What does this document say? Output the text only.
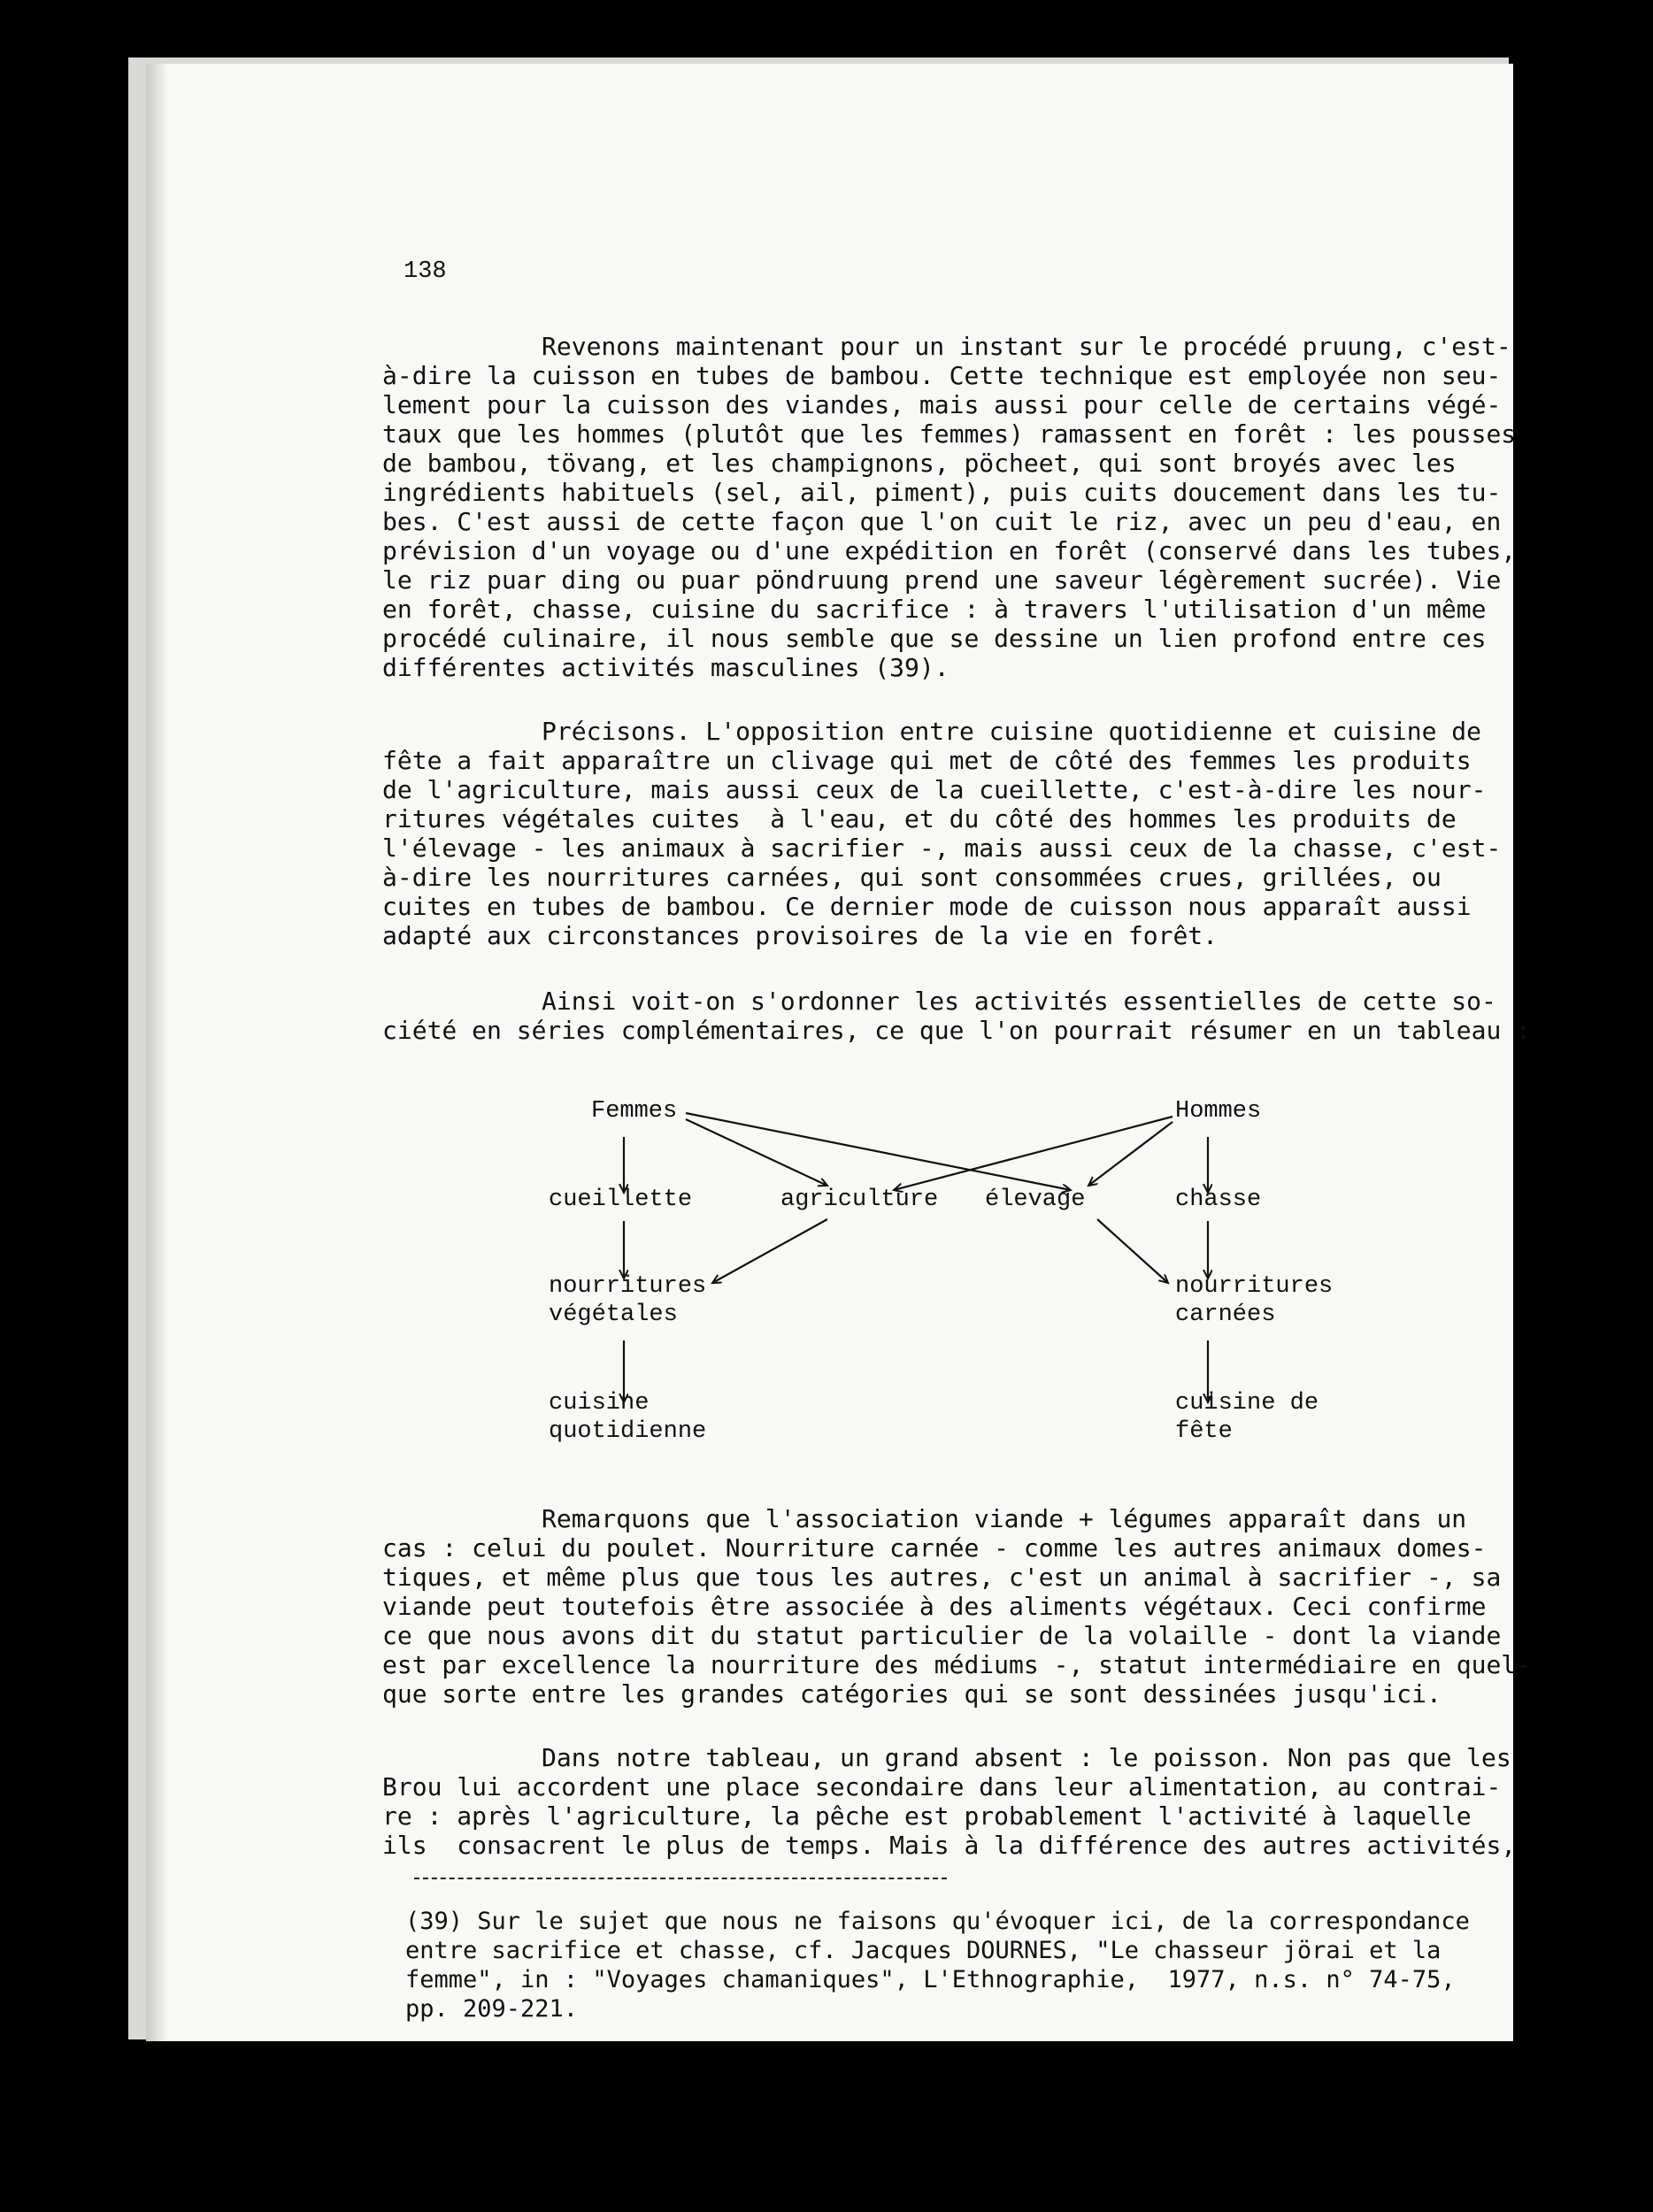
138
Revenons maintenant pour un instant sur le procédé pruung, c'est-
à-dire la cuisson en tubes de bambou. Cette technique est employée non seu-
lement pour la cuisson des viandes, mais aussi pour celle de certains végé-
taux que les hommes (plutôt que les femmes) ramassent en forêt : les pousses
de bambou, tövang, et les champignons, pöcheet, qui sont broyés avec les
ingrédients habituels (sel, ail, piment), puis cuits doucement dans les tu-
bes. C'est aussi de cette façon que l'on cuit le riz, avec un peu d'eau, en
prévision d'un voyage ou d'une expédition en forêt (conservé dans les tubes,
le riz puar ding ou puar pöndruung prend une saveur légèrement sucrée). Vie
en forêt, chasse, cuisine du sacrifice : à travers l'utilisation d'un même
procédé culinaire, il nous semble que se dessine un lien profond entre ces
différentes activités masculines (39).
Précisons. L'opposition entre cuisine quotidienne et cuisine de
fête a fait apparaître un clivage qui met de côté des femmes les produits
de l'agriculture, mais aussi ceux de la cueillette, c'est-à-dire les nour-
ritures végétales cuites  à l'eau, et du côté des hommes les produits de
l'élevage - les animaux à sacrifier -, mais aussi ceux de la chasse, c'est-
à-dire les nourritures carnées, qui sont consommées crues, grillées, ou
cuites en tubes de bambou. Ce dernier mode de cuisson nous apparaît aussi
adapté aux circonstances provisoires de la vie en forêt.
Ainsi voit-on s'ordonner les activités essentielles de cette so-
ciété en séries complémentaires, ce que l'on pourrait résumer en un tableau :
Femmes	Hommes
cueillette	agriculture élevage	chasse
nourritures
végétales
nourritures
carnées
cuisine
quotidienne
cuisine de
fête
Remarquons que l'association viande + légumes apparaît dans un
cas : celui du poulet. Nourriture carnée - comme les autres animaux domes-
tiques, et même plus que tous les autres, c'est un animal à sacrifier -, sa
viande peut toutefois être associée à des aliments végétaux. Ceci confirme
ce que nous avons dit du statut particulier de la volaille - dont la viande
est par excellence la nourriture des médiums -, statut intermédiaire en quel-
que sorte entre les grandes catégories qui se sont dessinées jusqu'ici.
Dans notre tableau, un grand absent : le poisson. Non pas que les
Brou lui accordent une place secondaire dans leur alimentation, au contrai-
re : après l'agriculture, la pêche est probablement l'activité à laquelle
ils  consacrent le plus de temps. Mais à la différence des autres activités,
(39) Sur le sujet que nous ne faisons qu'évoquer ici, de la correspondance
entre sacrifice et chasse, cf. Jacques DOURNES, "Le chasseur jörai et la
femme", in : "Voyages chamaniques", L'Ethnographie,  1977, n.s. n° 74-75,
pp. 209-221.
